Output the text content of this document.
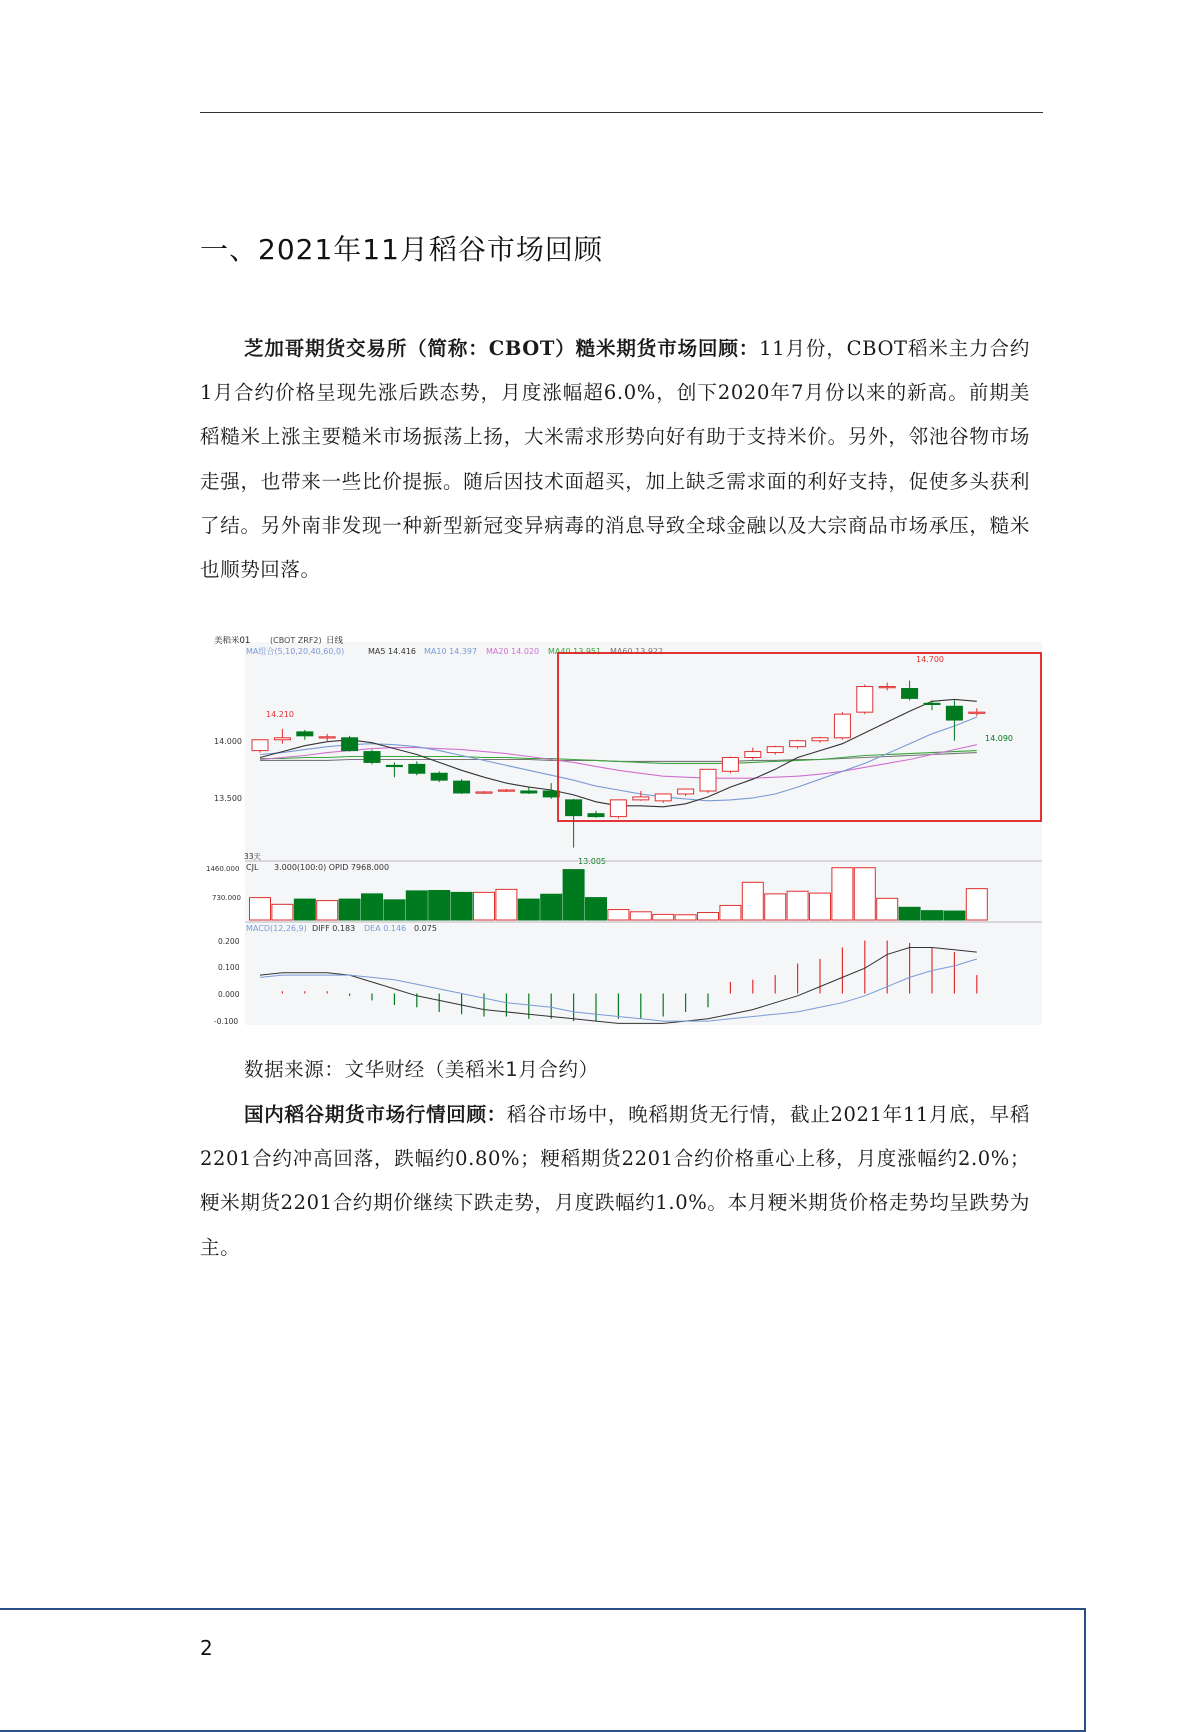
一、2021年11月稻谷市场回顾

芝加哥期货交易所（简称：CBOT）糙米期货市场回顾：11月份，CBOT稻米主力合约1月合约价格呈现先涨后跌态势，月度涨幅超6.0%，创下2020年7月份以来的新高。前期美稻糙米上涨主要糙米市场振荡上扬，大米需求形势向好有助于支持米价。另外，邻池谷物市场走强，也带来一些比价提振。随后因技术面超买，加上缺乏需求面的利好支持，促使多头获利了结。另外南非发现一种新型新冠变异病毒的消息导致全球金融以及大宗商品市场承压，糙米也顺势回落。

美稻米01 (CBOT ZRF2) 日线
MA组合(5,10,20,40,60,0)	MA5 14.416 MA10 14.397 MA20 14.020 MA40 13.951 MA60 13.922
14.000
13.500
14.210
14.700
13.005
14.090
33天
CJL 3.000(100:0) OPID 7968.000
1460.000
730.000
MACD(12,26,9) DIFF 0.183 DEA 0.146 0.075
0.200
0.100
0.000
-0.100

数据来源：文华财经（美稻米1月合约）

国内稻谷期货市场行情回顾：稻谷市场中，晚稻期货无行情，截止2021年11月底，早稻2201合约冲高回落，跌幅约0.80%；粳稻期货2201合约价格重心上移，月度涨幅约2.0%；粳米期货2201合约期价继续下跌走势，月度跌幅约1.0%。本月粳米期货价格走势均呈跌势为主。

2
